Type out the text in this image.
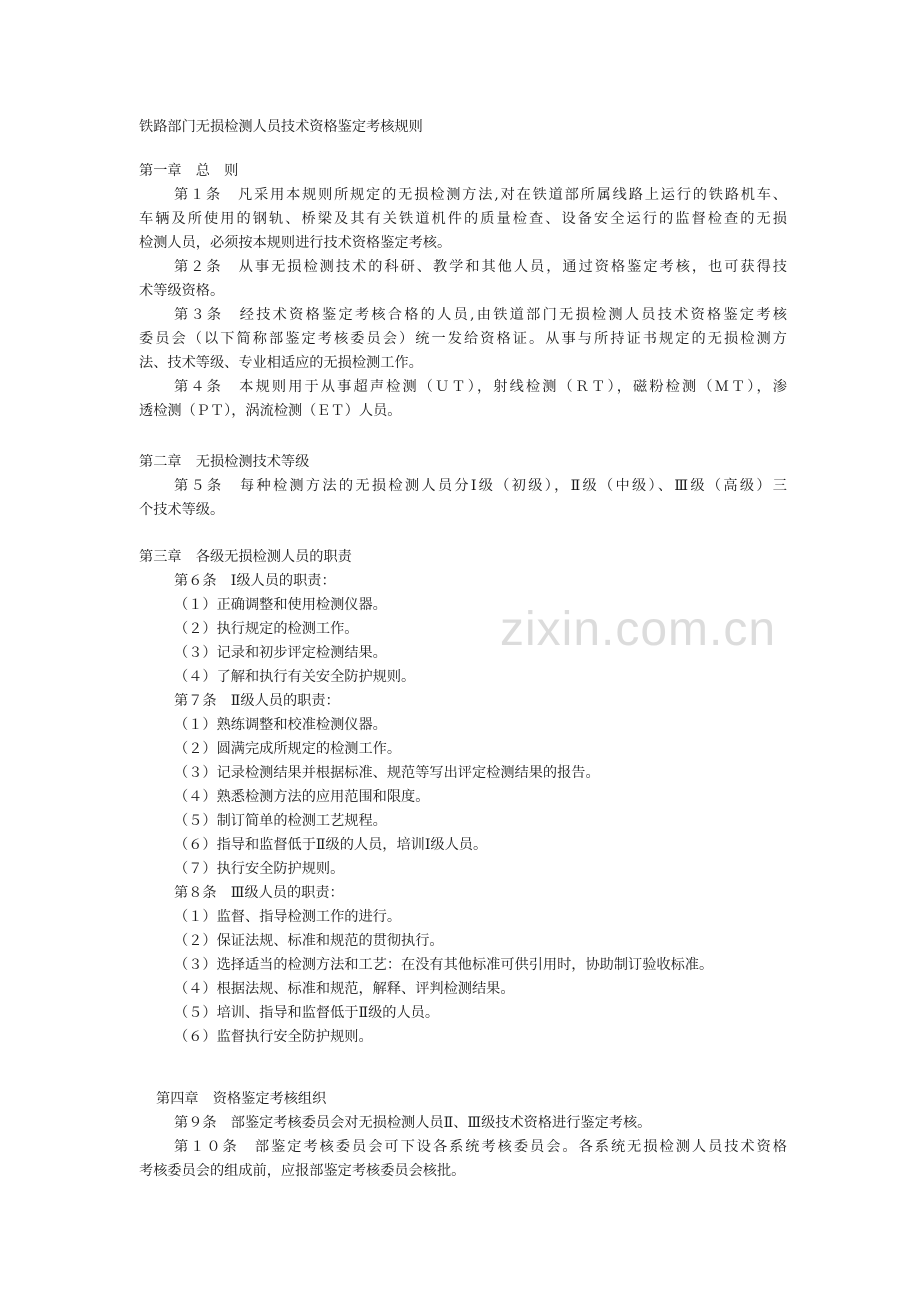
铁路部门无损检测人员技术资格鉴定考核规则
第一章　总　则
第１条　凡采用本规则所规定的无损检测方法,对在铁道部所属线路上运行的铁路机车、
车辆及所使用的钢轨、桥梁及其有关铁道机件的质量检查、设备安全运行的监督检查的无损
检测人员，必须按本规则进行技术资格鉴定考核。
第２条　从事无损检测技术的科研、教学和其他人员，通过资格鉴定考核，也可获得技
术等级资格。
第３条　经技术资格鉴定考核合格的人员,由铁道部门无损检测人员技术资格鉴定考核
委员会（以下简称部鉴定考核委员会）统一发给资格证。从事与所持证书规定的无损检测方
法、技术等级、专业相适应的无损检测工作。
第４条　本规则用于从事超声检测（ＵＴ），射线检测（ＲＴ），磁粉检测（ＭＴ），渗
透检测（ＰＴ），涡流检测（ＥＴ）人员。
第二章　无损检测技术等级
第５条　每种检测方法的无损检测人员分Ⅰ级（初级），Ⅱ级（中级）、Ⅲ级（高级）三
个技术等级。
第三章　各级无损检测人员的职责
第６条　Ⅰ级人员的职责：
（１）正确调整和使用检测仪器。
（２）执行规定的检测工作。
（３）记录和初步评定检测结果。
（４）了解和执行有关安全防护规则。
第７条　Ⅱ级人员的职责：
（１）熟练调整和校准检测仪器。
（２）圆满完成所规定的检测工作。
（３）记录检测结果并根据标准、规范等写出评定检测结果的报告。
（４）熟悉检测方法的应用范围和限度。
（５）制订简单的检测工艺规程。
（６）指导和监督低于Ⅱ级的人员，培训Ⅰ级人员。
（７）执行安全防护规则。
第８条　Ⅲ级人员的职责：
（１）监督、指导检测工作的进行。
（２）保证法规、标准和规范的贯彻执行。
（３）选择适当的检测方法和工艺：在没有其他标准可供引用时，协助制订验收标准。
（４）根据法规、标准和规范，解释、评判检测结果。
（５）培训、指导和监督低于Ⅱ级的人员。
（６）监督执行安全防护规则。
第四章　资格鉴定考核组织
第９条　部鉴定考核委员会对无损检测人员Ⅱ、Ⅲ级技术资格进行鉴定考核。
第１０条　部鉴定考核委员会可下设各系统考核委员会。各系统无损检测人员技术资格
考核委员会的组成前，应报部鉴定考核委员会核批。
zixin.com.cn
